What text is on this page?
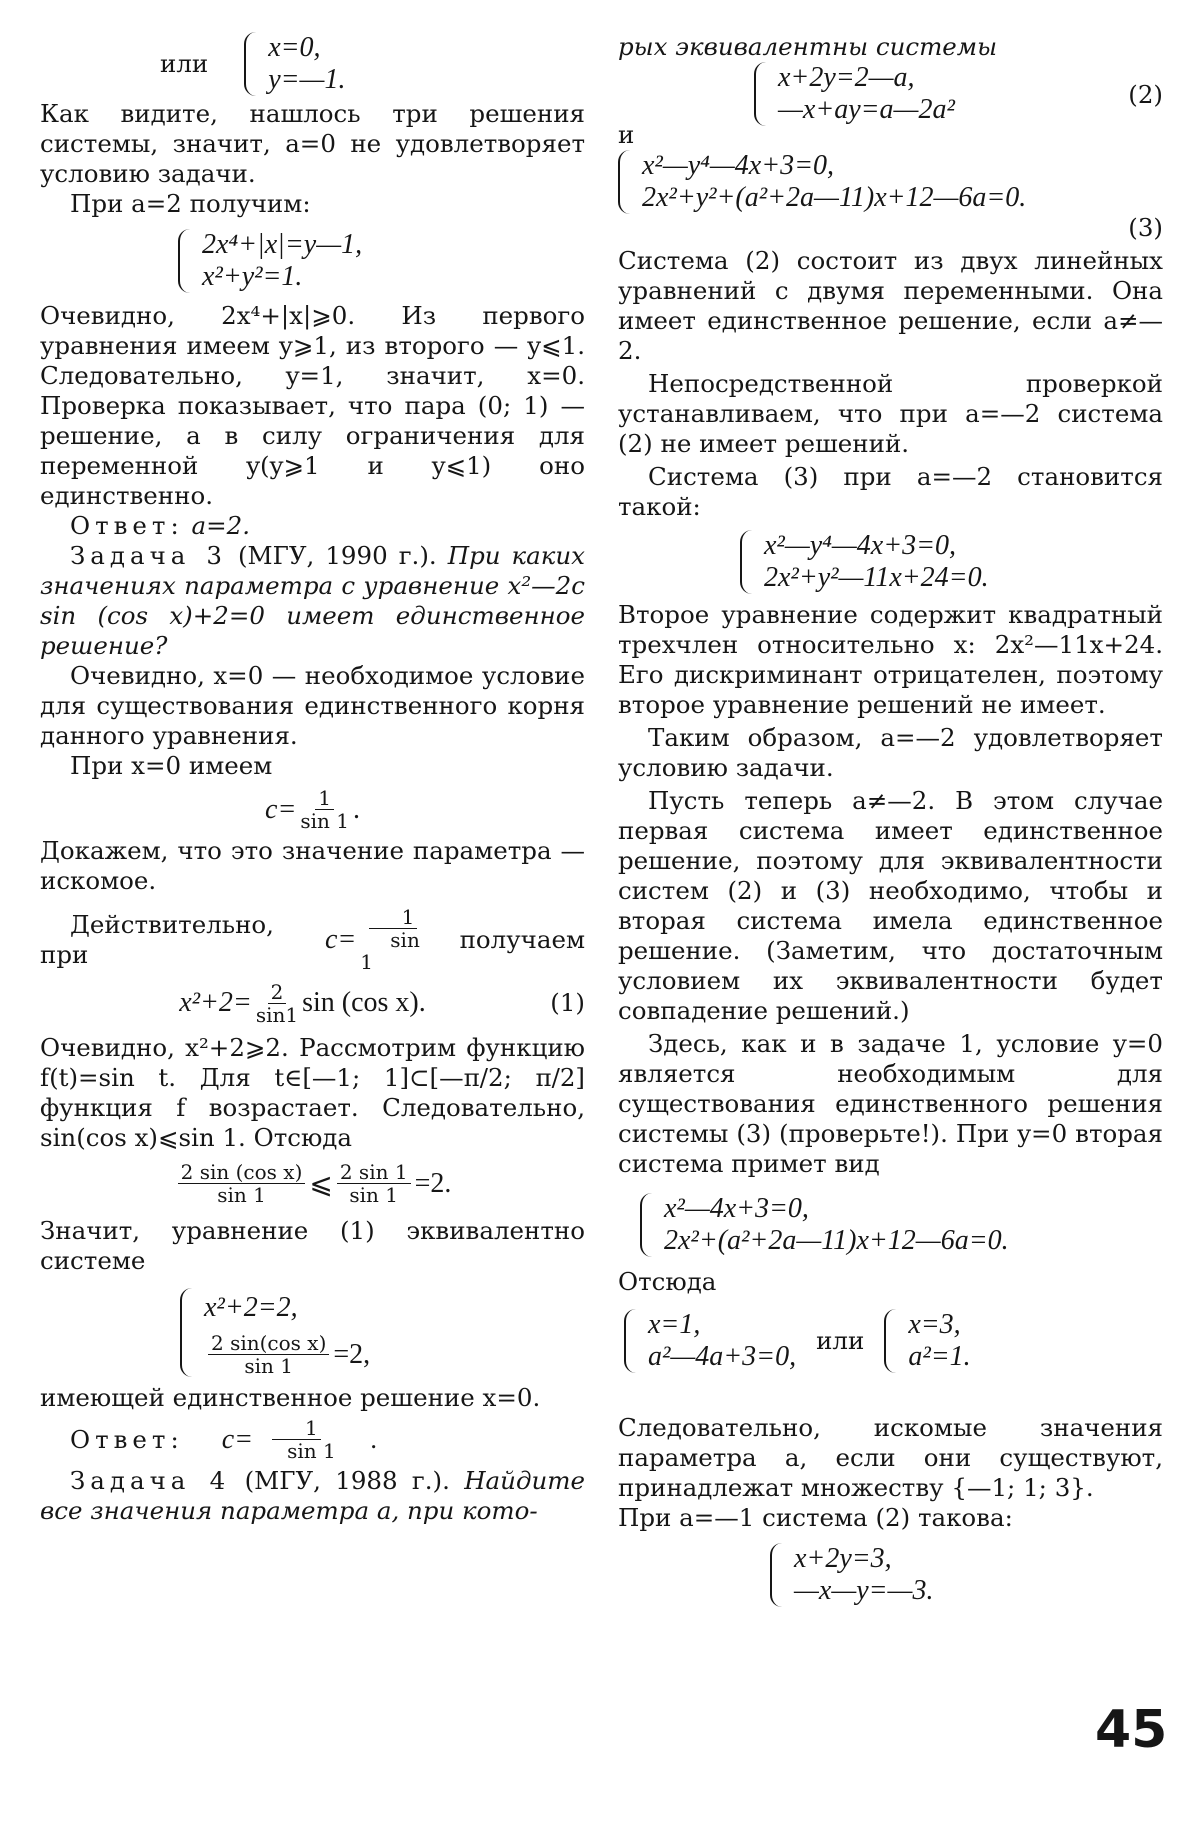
или
x=0,
y=—1.

Как видите, нашлось три решения системы, значит, a=0 не удовлетворяет условию задачи.

При a=2 получим:

2x⁴+|x|=y—1,
x²+y²=1.

Очевидно, 2x⁴+|x|⩾0. Из первого уравнения имеем y⩾1, из второго — y⩽1. Следовательно, y=1, значит, x=0. Проверка показывает, что пара (0; 1) — решение, а в силу ограничения для переменной y(y⩾1 и y⩽1) оно единственно.

Ответ: a=2.

Задача 3 (МГУ, 1990 г.). При каких значениях параметра c уравнение x²—2c sin (cos x)+2=0 имеет единственное решение?

Очевидно, x=0 — необходимое условие для существования единственного корня данного уравнения.

При x=0 имеем

$c= \frac{1}{\sin 1}$ .

Докажем, что это значение параметра — искомое.

Действительно, при	$c= \frac{1}{\sin 1}$	получаем
$x^2+2= \frac{2}{\sin 1}$ sin (cos x).	(1)

Очевидно, x²+2⩾2. Рассмотрим функцию f(t)=sin t. Для t∈[—1; 1]⊂[—π/2; π/2] функция f возрастает. Следовательно, sin(cos x)⩽sin 1. Отсюда

$\frac{\text{2 sin (cos x)}}{\sin 1}$ ⩽ $\frac{2 \sin 1}{\sin 1} =2$.

Значит, уравнение (1) эквивалентно системе

x²+2=2,
$\frac{\text{2 sin(cos x)}}{\sin 1} =2$,

имеющей единственное решение x=0.

Ответ:	$c= \frac{1}{\sin 1}$	.

Задача 4 (МГУ, 1988 г.). Найдите все значения параметра a, при кото-

рых эквивалентны системы

x+2y=2—a,
—x+ay=a—2a²	(2)

и

x²—y⁴—4x+3=0,
2x²+y²+(a²+2a—11)x+12—6a=0.
(3)

Система (2) состоит из двух линейных уравнений с двумя переменными. Она имеет единственное решение, если a≠—2.

Непосредственной проверкой устанавливаем, что при a=—2 система (2) не имеет решений.

Система (3) при a=—2 становится такой:

x²—y⁴—4x+3=0,
2x²+y²—11x+24=0.

Второе уравнение содержит квадратный трехчлен относительно x: 2x²—11x+24. Его дискриминант отрицателен, поэтому второе уравнение решений не имеет.

Таким образом, a=—2 удовлетворяет условию задачи.

Пусть теперь a≠—2. В этом случае первая система имеет единственное решение, поэтому для эквивалентности систем (2) и (3) необходимо, чтобы и вторая система имела единственное решение. (Заметим, что достаточным условием их эквивалентности будет совпадение решений.)

Здесь, как и в задаче 1, условие y=0 является необходимым для существования единственного решения системы (3) (проверьте!). При y=0 вторая система примет вид

x²—4x+3=0,
2x²+(a²+2a—11)x+12—6a=0.

Отсюда

x=1,
a²—4a+3=0,
или
x=3,
a²=1.

Следовательно, искомые значения параметра a, если они существуют, принадлежат множеству {—1; 1; 3}.

При a=—1 система (2) такова:

x+2y=3,
—x—y=—3.
45
